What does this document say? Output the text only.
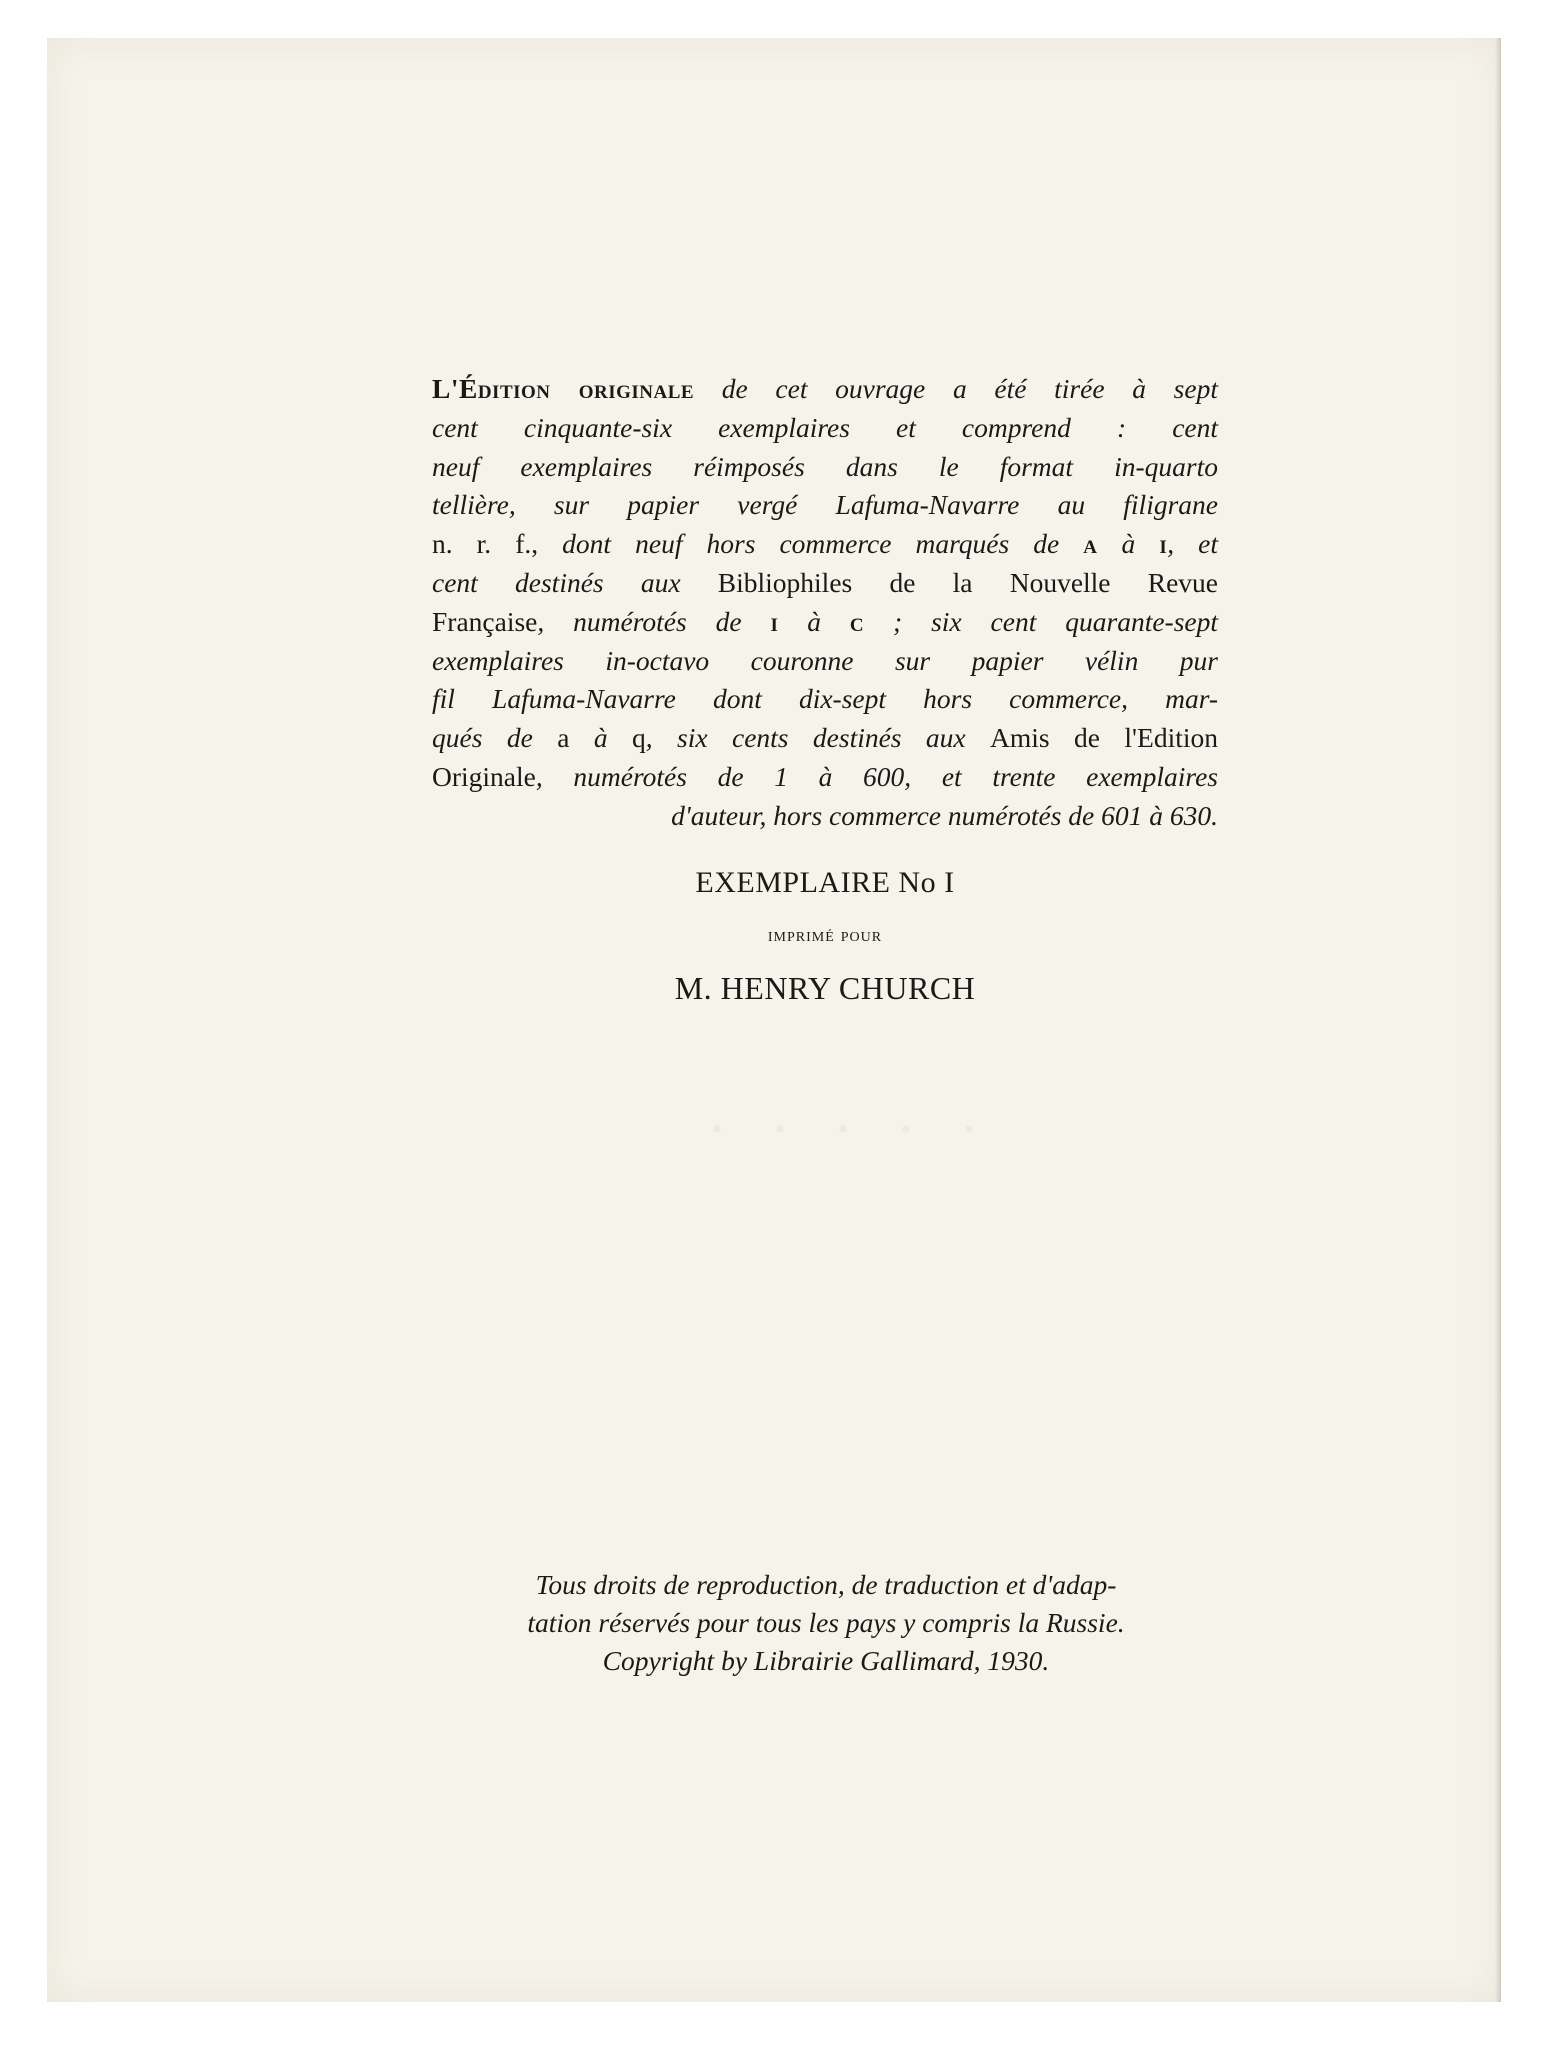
· · · · ·
L'Édition originale de cet ouvrage a été tirée à sept
cent cinquante-six exemplaires et comprend : cent
neuf exemplaires réimposés dans le format in-quarto
tellière, sur papier vergé Lafuma-Navarre au filigrane
n. r. f., dont neuf hors commerce marqués de a à i, et
cent destinés aux Bibliophiles de la Nouvelle Revue
Française, numérotés de i à c ; six cent quarante-sept
exemplaires in-octavo couronne sur papier vélin pur
fil Lafuma-Navarre dont dix-sept hors commerce, mar-
qués de a à q, six cents destinés aux Amis de l'Edition
Originale, numérotés de 1 à 600, et trente exemplaires
d'auteur, hors commerce numérotés de 601 à 630.
EXEMPLAIRE No I
imprimé pour
M. HENRY CHURCH
Tous droits de reproduction, de traduction et d'adap-
tation réservés pour tous les pays y compris la Russie.
Copyright by Librairie Gallimard, 1930.
